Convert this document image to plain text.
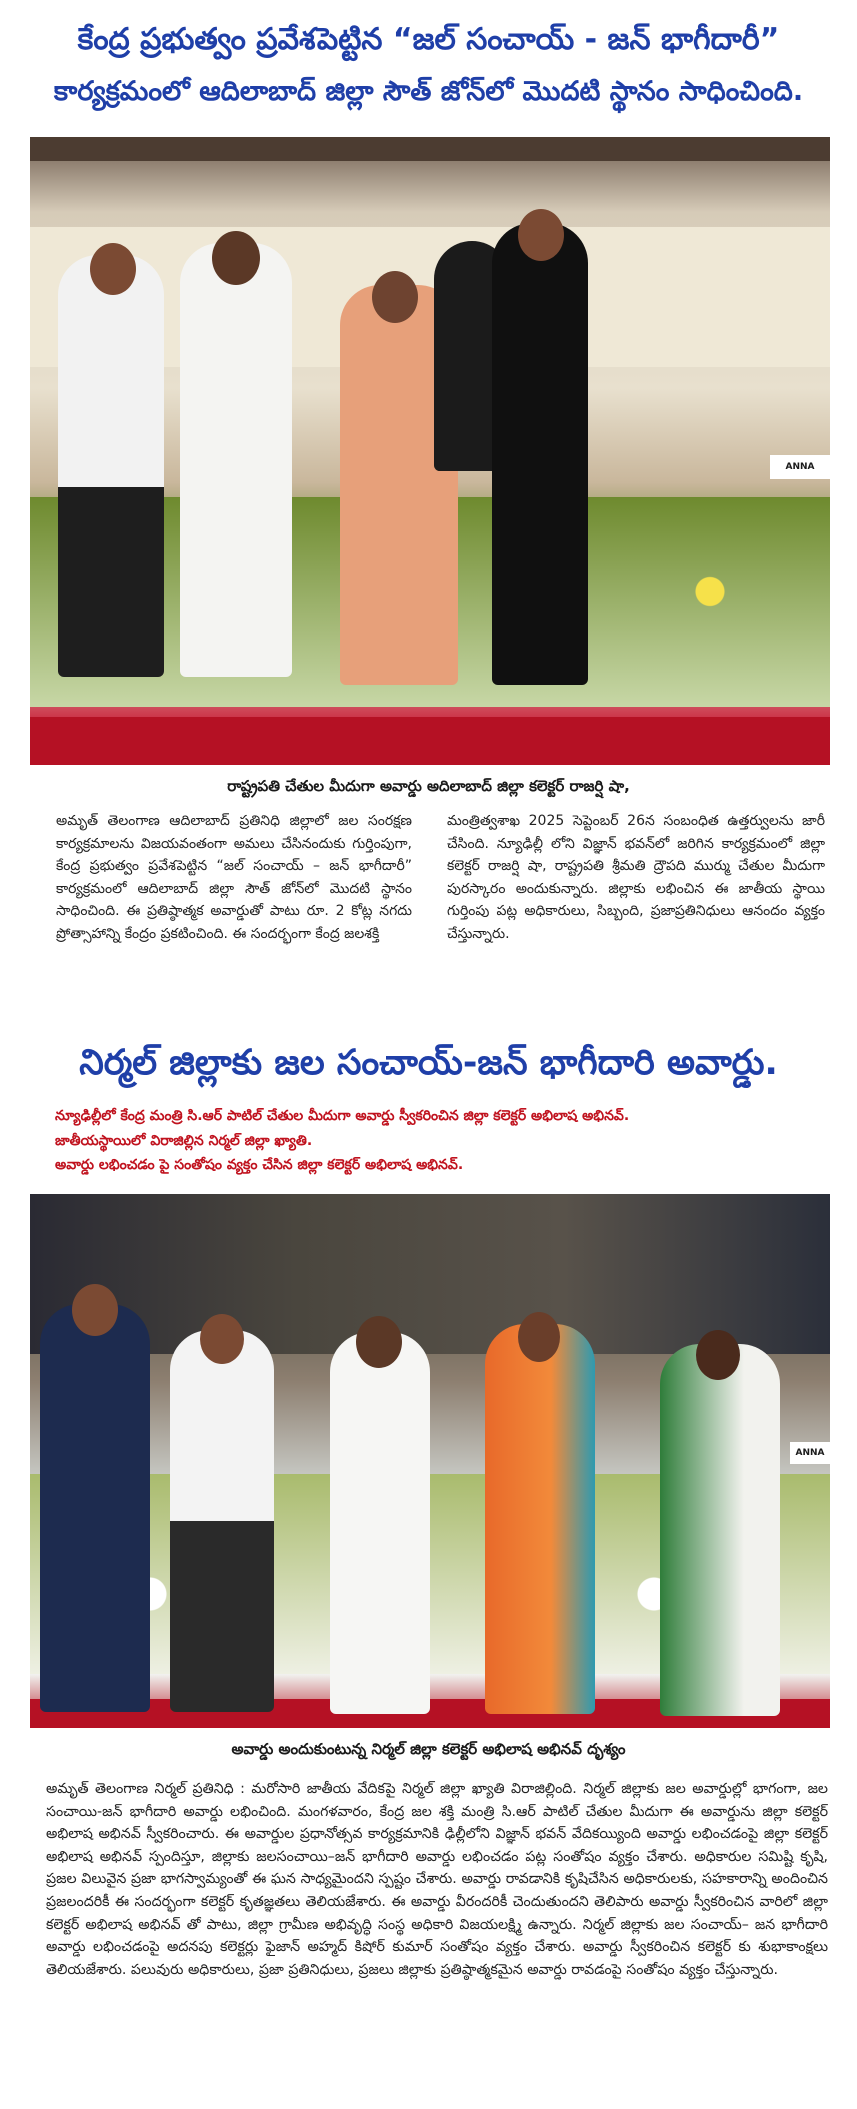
కేంద్ర ప్రభుత్వం ప్రవేశపెట్టిన “జల్ సంచాయ్ - జన్ భాగీదారీ”
కార్యక్రమంలో ఆదిలాబాద్ జిల్లా సౌత్ జోన్‌లో మొదటి స్థానం సాధించింది.
ANNA
రాష్ట్రపతి చేతుల మీదుగా అవార్డు అదిలాబాద్ జిల్లా కలెక్టర్ రాజర్షి షా,
అమృత్ తెలంగాణ ఆదిలాబాద్ ప్రతినిధి జిల్లాలో జల సంరక్షణ కార్యక్రమాలను విజయవంతంగా అమలు చేసినందుకు గుర్తింపుగా, కేంద్ర ప్రభుత్వం ప్రవేశపెట్టిన “జల్ సంచాయ్ – జన్ భాగీదారీ” కార్యక్రమంలో ఆదిలాబాద్ జిల్లా సౌత్ జోన్‌లో మొదటి స్థానం సాధించింది. ఈ ప్రతిష్ఠాత్మక అవార్డుతో పాటు రూ. 2 కోట్ల నగదు ప్రోత్సాహాన్ని కేంద్రం ప్రకటించింది. ఈ సందర్భంగా కేంద్ర జలశక్తి
మంత్రిత్వశాఖ 2025 సెప్టెంబర్ 26న సంబంధిత ఉత్తర్వులను జారీ చేసింది. న్యూఢిల్లీ లోని విజ్ఞాన్ భవన్‌లో జరిగిన కార్యక్రమంలో జిల్లా కలెక్టర్ రాజర్షి షా, రాష్ట్రపతి శ్రీమతి ద్రౌపది ముర్ము చేతుల మీదుగా పురస్కారం అందుకున్నారు. జిల్లాకు లభించిన ఈ జాతీయ స్థాయి గుర్తింపు పట్ల అధికారులు, సిబ్బంది, ప్రజాప్రతినిధులు ఆనందం వ్యక్తం చేస్తున్నారు.
నిర్మల్ జిల్లాకు జల సంచాయ్-జన్ భాగీదారి అవార్డు.
న్యూఢిల్లీలో కేంద్ర మంత్రి సి.ఆర్ పాటిల్ చేతుల మీదుగా అవార్డు స్వీకరించిన జిల్లా కలెక్టర్ అభిలాష అభినవ్.
జాతీయస్థాయిలో విరాజిల్లిన నిర్మల్ జిల్లా ఖ్యాతి.
అవార్డు లభించడం పై సంతోషం వ్యక్తం చేసిన జిల్లా కలెక్టర్ అభిలాష అభినవ్.
ANNA
అవార్డు అందుకుంటున్న నిర్మల్ జిల్లా కలెక్టర్ అభిలాష అభినవ్ దృశ్యం
అమృత్ తెలంగాణ నిర్మల్ ప్రతినిధి : మరోసారి జాతీయ వేదికపై నిర్మల్ జిల్లా ఖ్యాతి విరాజిల్లింది. నిర్మల్ జిల్లాకు జల అవార్డుల్లో భాగంగా, జల సంచాయి-జన్ భాగీదారి అవార్డు లభించింది. మంగళవారం, కేంద్ర జల శక్తి మంత్రి సి.ఆర్ పాటిల్ చేతుల మీదుగా ఈ అవార్డును జిల్లా కలెక్టర్ అభిలాష అభినవ్ స్వీకరించారు. ఈ అవార్డుల ప్రధానోత్సవ కార్యక్రమానికి ఢిల్లీలోని విజ్ఞాన్ భవన్ వేదికయ్యింది అవార్డు లభించడంపై జిల్లా కలెక్టర్ అభిలాష అభినవ్ స్పందిస్తూ, జిల్లాకు జలసంచాయి–జన్ భాగీదారి అవార్డు లభించడం పట్ల సంతోషం వ్యక్తం చేశారు. అధికారుల సమిష్టి కృషి, ప్రజల విలువైన ప్రజా భాగస్వామ్యంతో ఈ ఘన సాధ్యమైందని స్పష్టం చేశారు. అవార్డు రావడానికి కృషిచేసిన అధికారులకు, సహకారాన్ని అందించిన ప్రజలందరికీ ఈ సందర్భంగా కలెక్టర్ కృతజ్ఞతలు తెలియజేశారు. ఈ అవార్డు వీరందరికీ చెందుతుందని తెలిపారు అవార్డు స్వీకరించిన వారిలో జిల్లా కలెక్టర్ అభిలాష అభినవ్ తో పాటు, జిల్లా గ్రామీణ అభివృద్ధి సంస్థ అధికారి విజయలక్ష్మి ఉన్నారు. నిర్మల్ జిల్లాకు జల సంచాయ్– జన భాగీదారి అవార్డు లభించడంపై అదనపు కలెక్టర్లు ఫైజాన్ అహ్మద్ కిషోర్ కుమార్ సంతోషం వ్యక్తం చేశారు. అవార్డు స్వీకరించిన కలెక్టర్ కు శుభాకాంక్షలు తెలియజేశారు. పలువురు అధికారులు, ప్రజా ప్రతినిధులు, ప్రజలు జిల్లాకు ప్రతిష్ఠాత్మకమైన అవార్డు రావడంపై సంతోషం వ్యక్తం చేస్తున్నారు.
